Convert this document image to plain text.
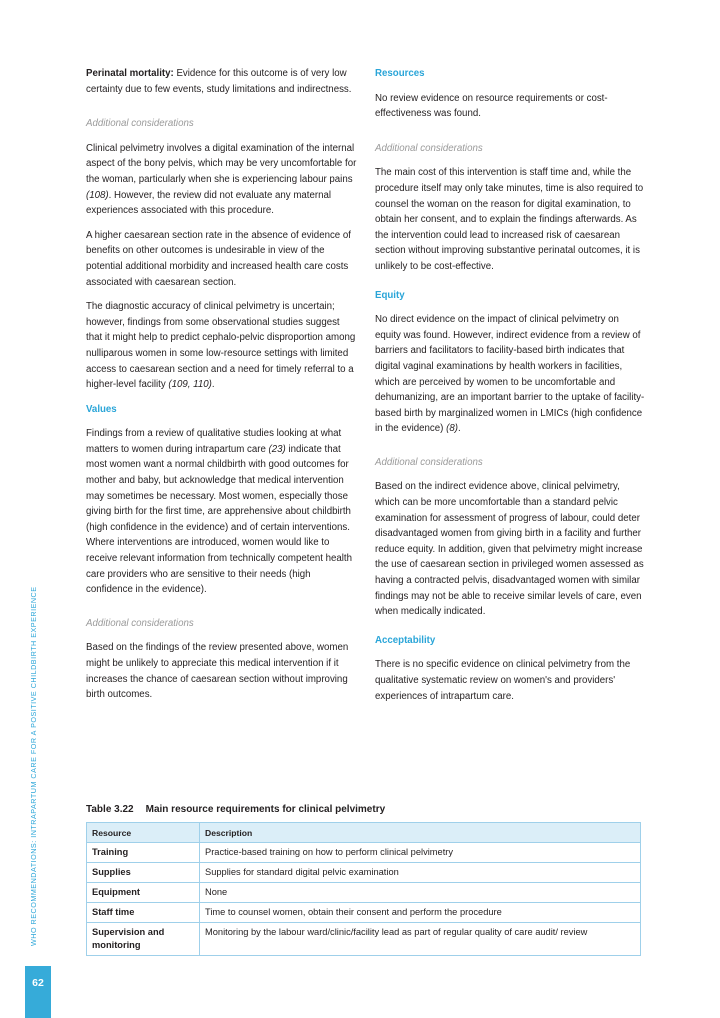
WHO RECOMMENDATIONS: INTRAPARTUM CARE FOR A POSITIVE CHILDBIRTH EXPERIENCE
62

Perinatal mortality: Evidence for this outcome is of very low certainty due to few events, study limitations and indirectness.

Additional considerations

Clinical pelvimetry involves a digital examination of the internal aspect of the bony pelvis, which may be very uncomfortable for the woman, particularly when she is experiencing labour pains (108). However, the review did not evaluate any maternal experiences associated with this procedure.

A higher caesarean section rate in the absence of evidence of benefits on other outcomes is undesirable in view of the potential additional morbidity and increased health care costs associated with caesarean section.

The diagnostic accuracy of clinical pelvimetry is uncertain; however, findings from some observational studies suggest that it might help to predict cephalo-pelvic disproportion among nulliparous women in some low-resource settings with limited access to caesarean section and a need for timely referral to a higher-level facility (109, 110).

Values

Findings from a review of qualitative studies looking at what matters to women during intrapartum care (23) indicate that most women want a normal childbirth with good outcomes for mother and baby, but acknowledge that medical intervention may sometimes be necessary. Most women, especially those giving birth for the first time, are apprehensive about childbirth (high confidence in the evidence) and of certain interventions. Where interventions are introduced, women would like to receive relevant information from technically competent health care providers who are sensitive to their needs (high confidence in the evidence).

Additional considerations

Based on the findings of the review presented above, women might be unlikely to appreciate this medical intervention if it increases the chance of caesarean section without improving birth outcomes.

Resources

No review evidence on resource requirements or cost-effectiveness was found.

Additional considerations

The main cost of this intervention is staff time and, while the procedure itself may only take minutes, time is also required to counsel the woman on the reason for digital examination, to obtain her consent, and to explain the findings afterwards. As the intervention could lead to increased risk of caesarean section without improving substantive perinatal outcomes, it is unlikely to be cost-effective.

Equity

No direct evidence on the impact of clinical pelvimetry on equity was found. However, indirect evidence from a review of barriers and facilitators to facility-based birth indicates that digital vaginal examinations by health workers in facilities, which are perceived by women to be uncomfortable and dehumanizing, are an important barrier to the uptake of facility-based birth by marginalized women in LMICs (high confidence in the evidence) (8).

Additional considerations

Based on the indirect evidence above, clinical pelvimetry, which can be more uncomfortable than a standard pelvic examination for assessment of progress of labour, could deter disadvantaged women from giving birth in a facility and further reduce equity. In addition, given that pelvimetry might increase the use of caesarean section in privileged women assessed as having a contracted pelvis, disadvantaged women with similar findings may not be able to receive similar levels of care, even when medically indicated.

Acceptability

There is no specific evidence on clinical pelvimetry from the qualitative systematic review on women's and providers' experiences of intrapartum care.

Table 3.22 Main resource requirements for clinical pelvimetry
Resource	Description
Training	Practice-based training on how to perform clinical pelvimetry
Supplies	Supplies for standard digital pelvic examination
Equipment	None
Staff time	Time to counsel women, obtain their consent and perform the procedure
Supervision and monitoring	Monitoring by the labour ward/clinic/facility lead as part of regular quality of care audit/ review
